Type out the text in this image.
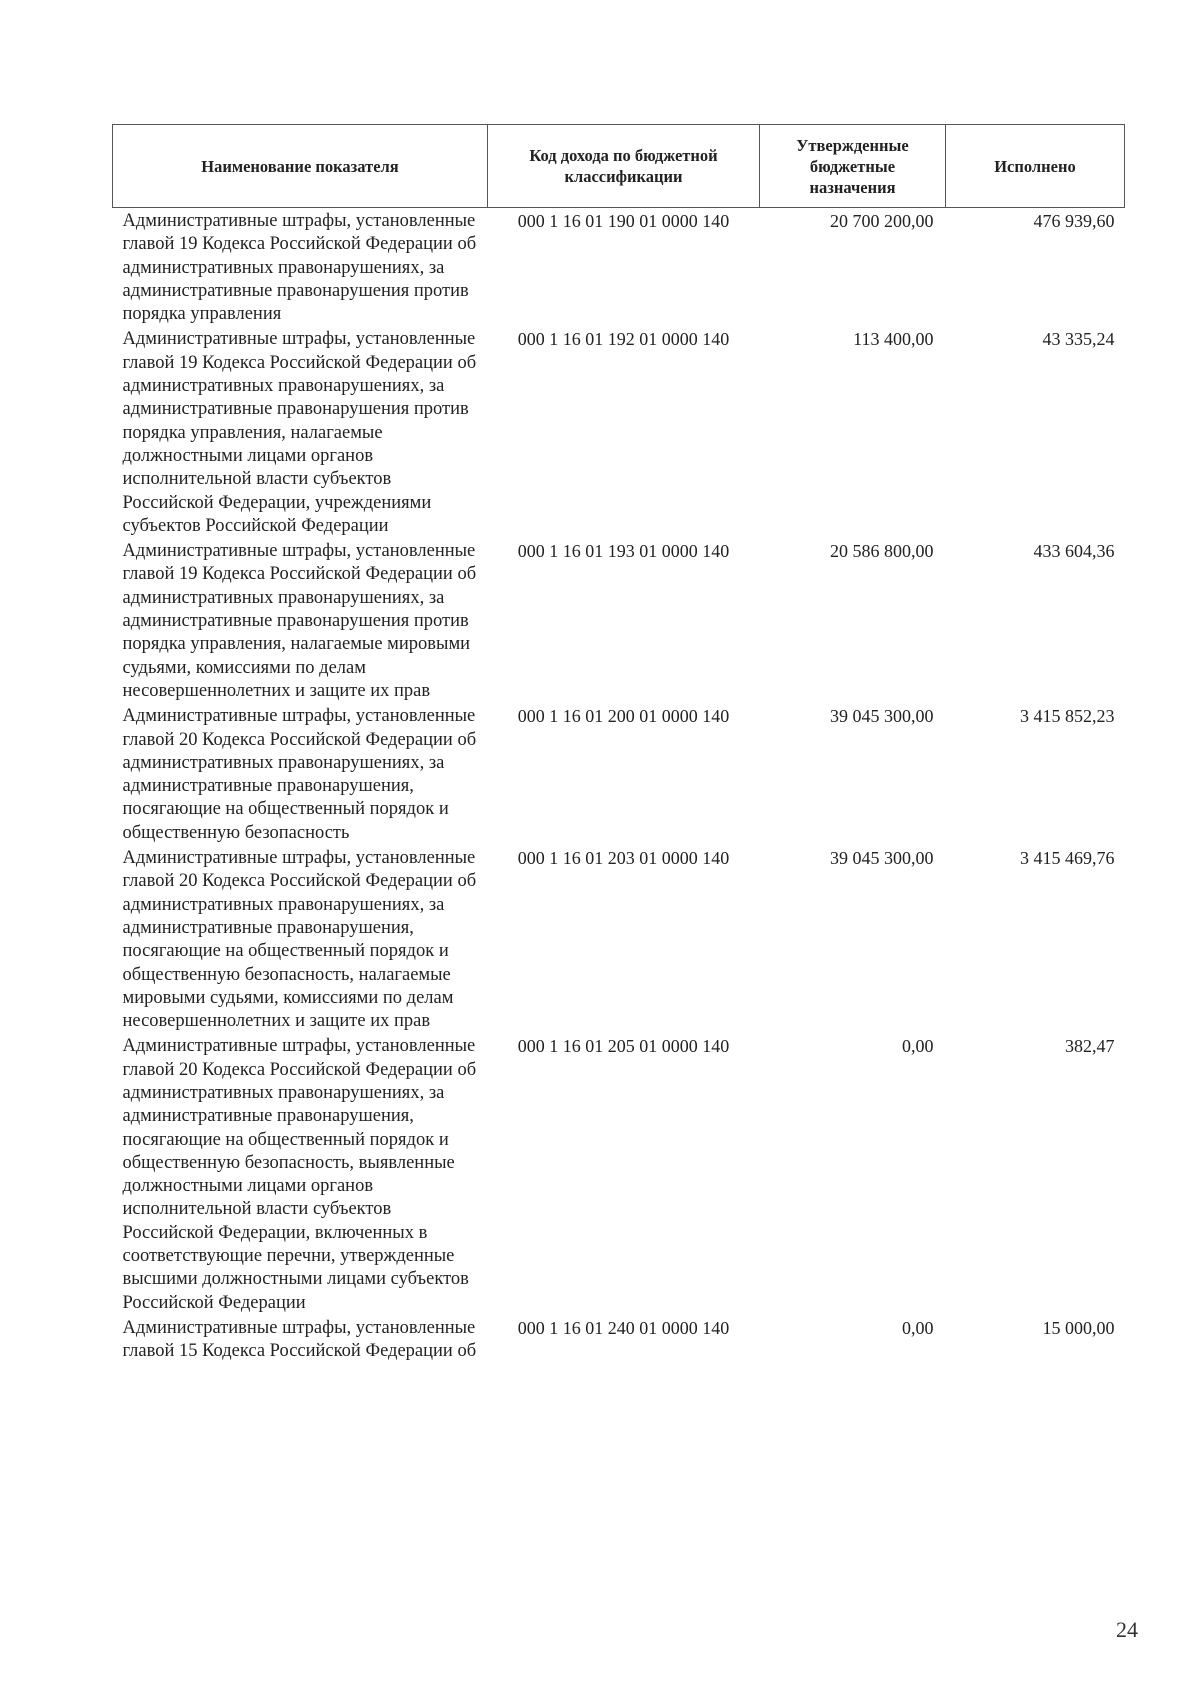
Наименование показателя	Код дохода по бюджетной классификации	Утвержденные бюджетные назначения	Исполнено
Административные штрафы, установленные главой 19 Кодекса Российской Федерации об административных правонарушениях, за административные правонарушения против порядка управления	000 1 16 01 190 01 0000 140	20 700 200,00	476 939,60
Административные штрафы, установленные главой 19 Кодекса Российской Федерации об административных правонарушениях, за административные правонарушения против порядка управления, налагаемые должностными лицами органов исполнительной власти субъектов Российской Федерации, учреждениями субъектов Российской Федерации	000 1 16 01 192 01 0000 140	113 400,00	43 335,24
Административные штрафы, установленные главой 19 Кодекса Российской Федерации об административных правонарушениях, за административные правонарушения против порядка управления, налагаемые мировыми судьями, комиссиями по делам несовершеннолетних и защите их прав	000 1 16 01 193 01 0000 140	20 586 800,00	433 604,36
Административные штрафы, установленные главой 20 Кодекса Российской Федерации об административных правонарушениях, за административные правонарушения, посягающие на общественный порядок и общественную безопасность	000 1 16 01 200 01 0000 140	39 045 300,00	3 415 852,23
Административные штрафы, установленные главой 20 Кодекса Российской Федерации об административных правонарушениях, за административные правонарушения, посягающие на общественный порядок и общественную безопасность, налагаемые мировыми судьями, комиссиями по делам несовершеннолетних и защите их прав	000 1 16 01 203 01 0000 140	39 045 300,00	3 415 469,76
Административные штрафы, установленные главой 20 Кодекса Российской Федерации об административных правонарушениях, за административные правонарушения, посягающие на общественный порядок и общественную безопасность, выявленные должностными лицами органов исполнительной власти субъектов Российской Федерации, включенных в соответствующие перечни, утвержденные высшими должностными лицами субъектов Российской Федерации	000 1 16 01 205 01 0000 140	0,00	382,47
Административные штрафы, установленные главой 15 Кодекса Российской Федерации об	000 1 16 01 240 01 0000 140	0,00	15 000,00
24
